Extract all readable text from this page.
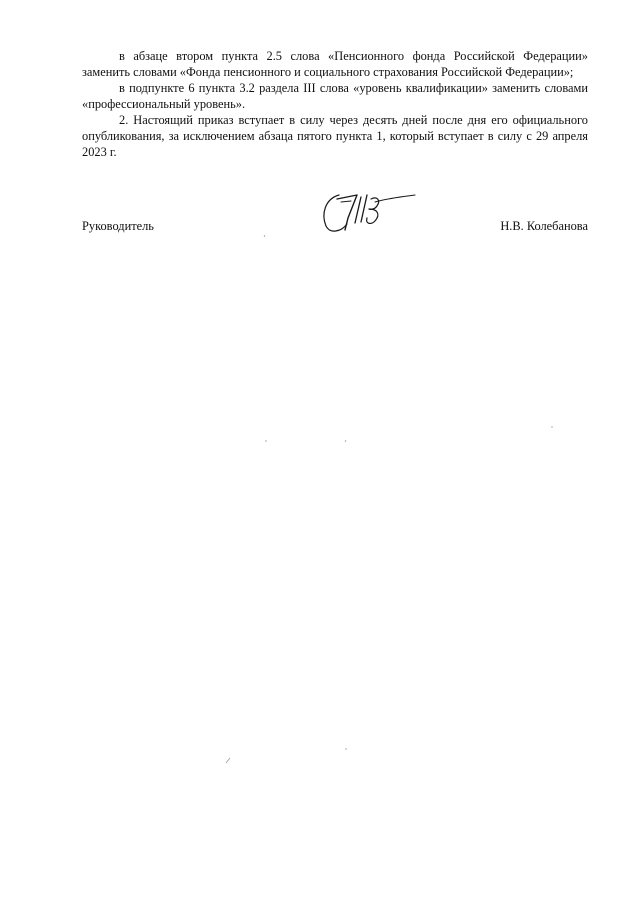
в абзаце втором пункта 2.5 слова «Пенсионного фонда Российской Федерации» заменить словами «Фонда пенсионного и социального страхования Российской Федерации»;

в подпункте 6 пункта 3.2 раздела III слова «уровень квалификации» заменить словами «профессиональный уровень».

2. Настоящий приказ вступает в силу через десять дней после дня его официального опубликования, за исключением абзаца пятого пункта 1, который вступает в силу с 29 апреля 2023 г.

Руководитель	Н.В. Колебанова
